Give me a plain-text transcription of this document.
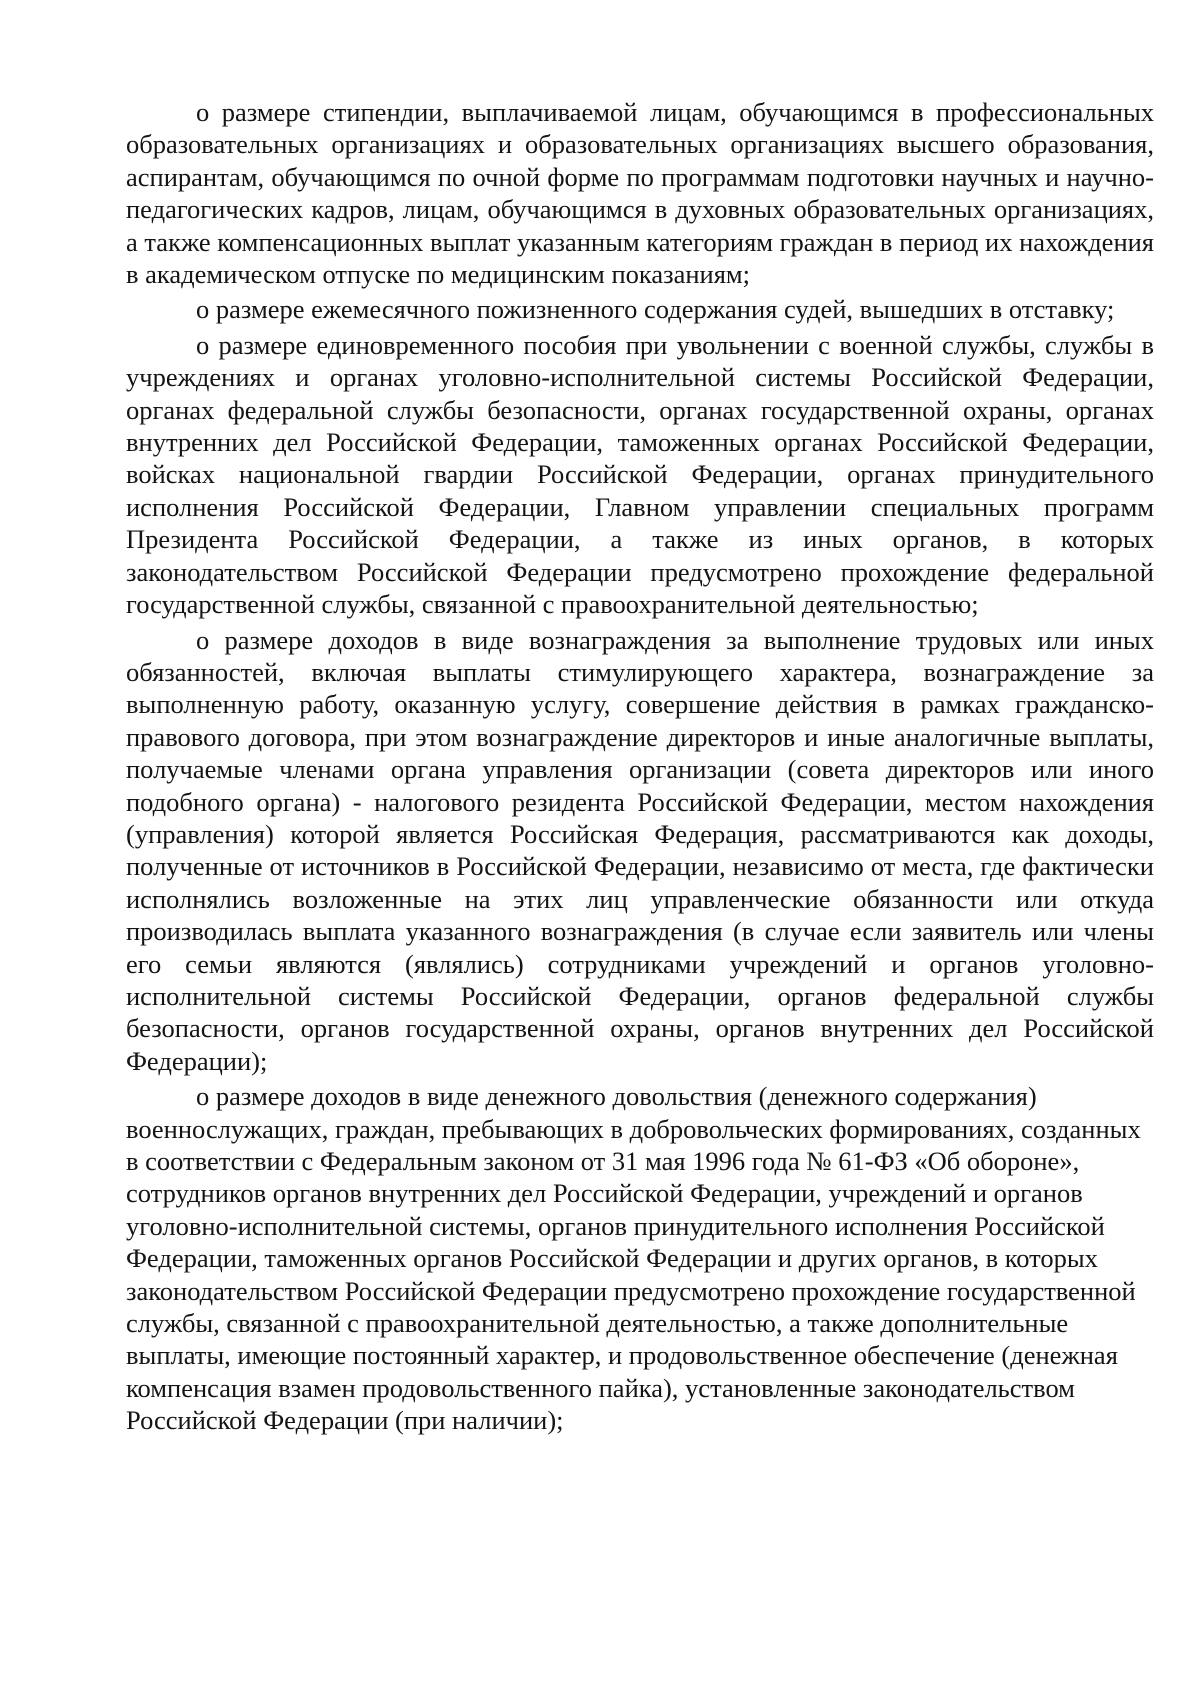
о размере стипендии, выплачиваемой лицам, обучающимся в профессиональных образовательных организациях и образовательных организациях высшего образования, аспирантам, обучающимся по очной форме по программам подготовки научных и научно-педагогических кадров, лицам, обучающимся в духовных образовательных организациях, а также компенсационных выплат указанным категориям граждан в период их нахождения в академическом отпуске по медицинским показаниям;

о размере ежемесячного пожизненного содержания судей, вышедших в отставку;

о размере единовременного пособия при увольнении с военной службы, службы в учреждениях и органах уголовно-исполнительной системы Российской Федерации, органах федеральной службы безопасности, органах государственной охраны, органах внутренних дел Российской Федерации, таможенных органах Российской Федерации, войсках национальной гвардии Российской Федерации, органах принудительного исполнения Российской Федерации, Главном управлении специальных программ Президента Российской Федерации, а также из иных органов, в которых законодательством Российской Федерации предусмотрено прохождение федеральной государственной службы, связанной с правоохранительной деятельностью;

о размере доходов в виде вознаграждения за выполнение трудовых или иных обязанностей, включая выплаты стимулирующего характера, вознаграждение за выполненную работу, оказанную услугу, совершение действия в рамках гражданско-правового договора, при этом вознаграждение директоров и иные аналогичные выплаты, получаемые членами органа управления организации (совета директоров или иного подобного органа) - налогового резидента Российской Федерации, местом нахождения (управления) которой является Российская Федерация, рассматриваются как доходы, полученные от источников в Российской Федерации, независимо от места, где фактически исполнялись возложенные на этих лиц управленческие обязанности или откуда производилась выплата указанного вознаграждения (в случае если заявитель или члены его семьи являются (являлись) сотрудниками учреждений и органов уголовно-исполнительной системы Российской Федерации, органов федеральной службы безопасности, органов государственной охраны, органов внутренних дел Российской Федерации);

о размере доходов в виде денежного довольствия (денежного содержания) военнослужащих, граждан, пребывающих в добровольческих формированиях, созданных в соответствии с Федеральным законом от 31 мая 1996 года № 61-ФЗ «Об обороне», сотрудников органов внутренних дел Российской Федерации, учреждений и органов уголовно-исполнительной системы, органов принудительного исполнения Российской Федерации, таможенных органов Российской Федерации и других органов, в которых законодательством Российской Федерации предусмотрено прохождение государственной службы, связанной с правоохранительной деятельностью, а также дополнительные выплаты, имеющие постоянный характер, и продовольственное обеспечение (денежная компенсация взамен продовольственного пайка), установленные законодательством Российской Федерации (при наличии);
